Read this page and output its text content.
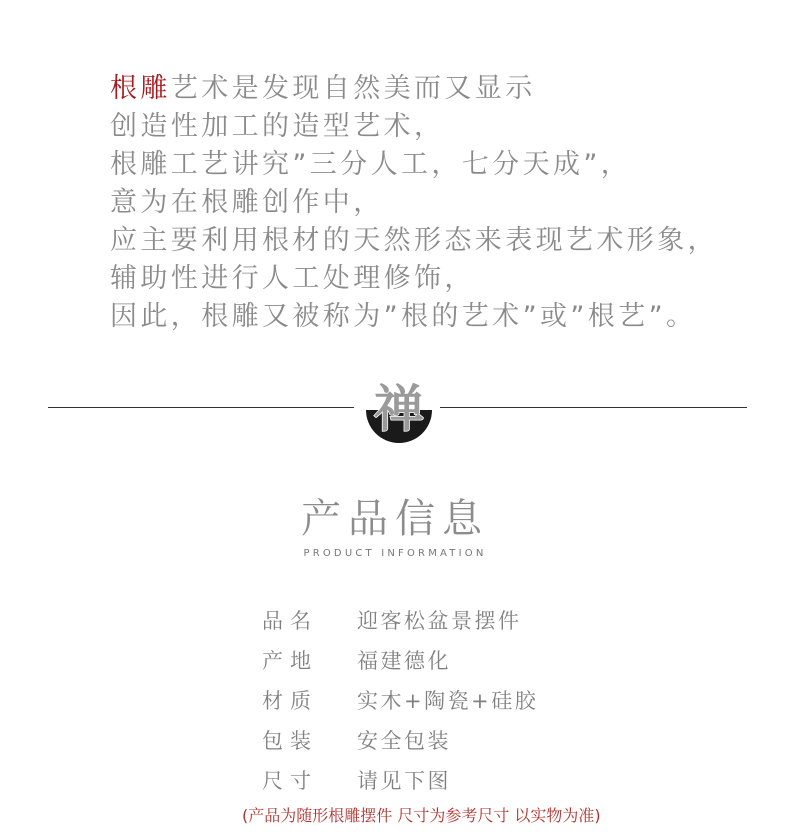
根雕艺术是发现自然美而又显示
创造性加工的造型艺术，
根雕工艺讲究”三分人工，七分天成”，
意为在根雕创作中，
应主要利用根材的天然形态来表现艺术形象，
辅助性进行人工处理修饰，
因此，根雕又被称为”根的艺术”或”根艺”。
禅
产品信息
PRODUCT INFORMATION
品名 迎客松盆景摆件
产地 福建德化
材质 实木+陶瓷+硅胶
包装 安全包装
尺寸 请见下图
(产品为随形根雕摆件 尺寸为参考尺寸 以实物为准)
